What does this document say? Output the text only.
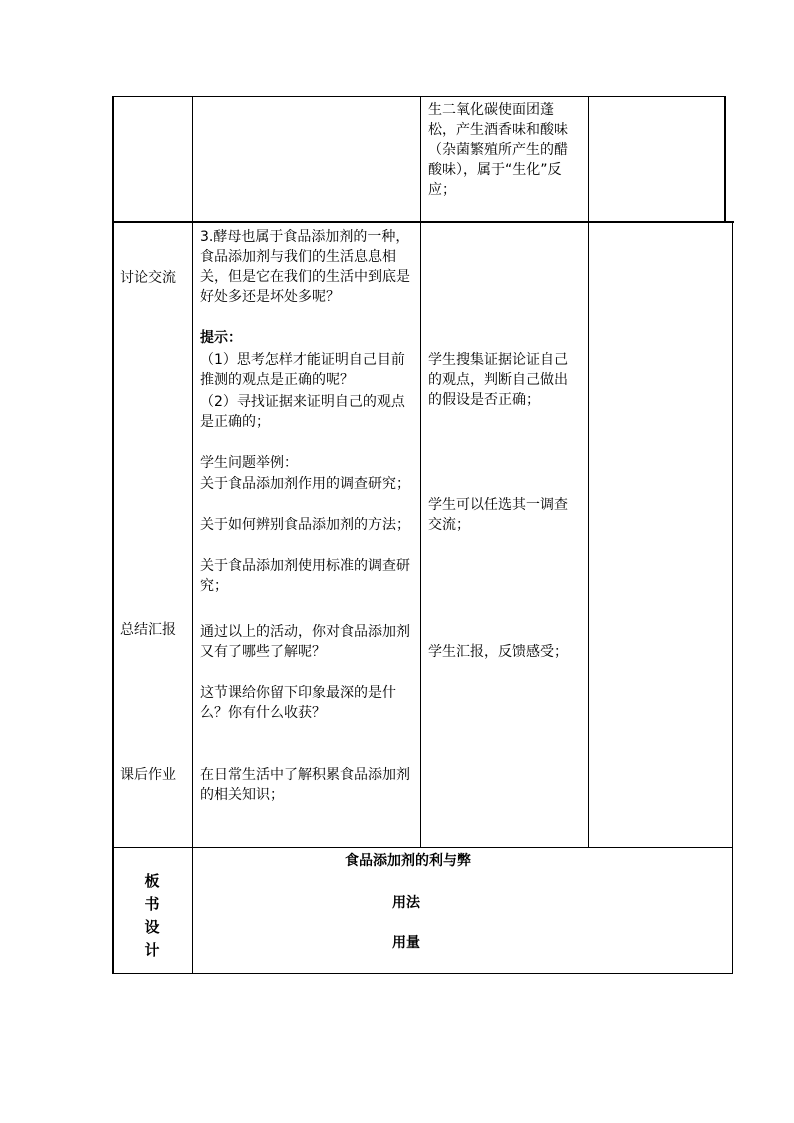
生二氧化碳使面团蓬松，产生酒香味和酸味（杂菌繁殖所产生的醋酸味），属于“生化”反应；
讨论交流
总结汇报
课后作业
3.酵母也属于食品添加剂的一种，食品添加剂与我们的生活息息相关，但是它在我们的生活中到底是好处多还是坏处多呢？
提示：
（1）思考怎样才能证明自己目前推测的观点是正确的呢？
（2）寻找证据来证明自己的观点是正确的；
学生问题举例：
关于食品添加剂作用的调查研究；
关于如何辨别食品添加剂的方法；
关于食品添加剂使用标准的调查研究；
通过以上的活动，你对食品添加剂又有了哪些了解呢？
这节课给你留下印象最深的是什么？你有什么收获？
在日常生活中了解积累食品添加剂的相关知识；
学生搜集证据论证自己的观点，判断自己做出的假设是否正确；
学生可以任选其一调查交流；
学生汇报，反馈感受；
板书设计
食品添加剂的利与弊
用法
用量
